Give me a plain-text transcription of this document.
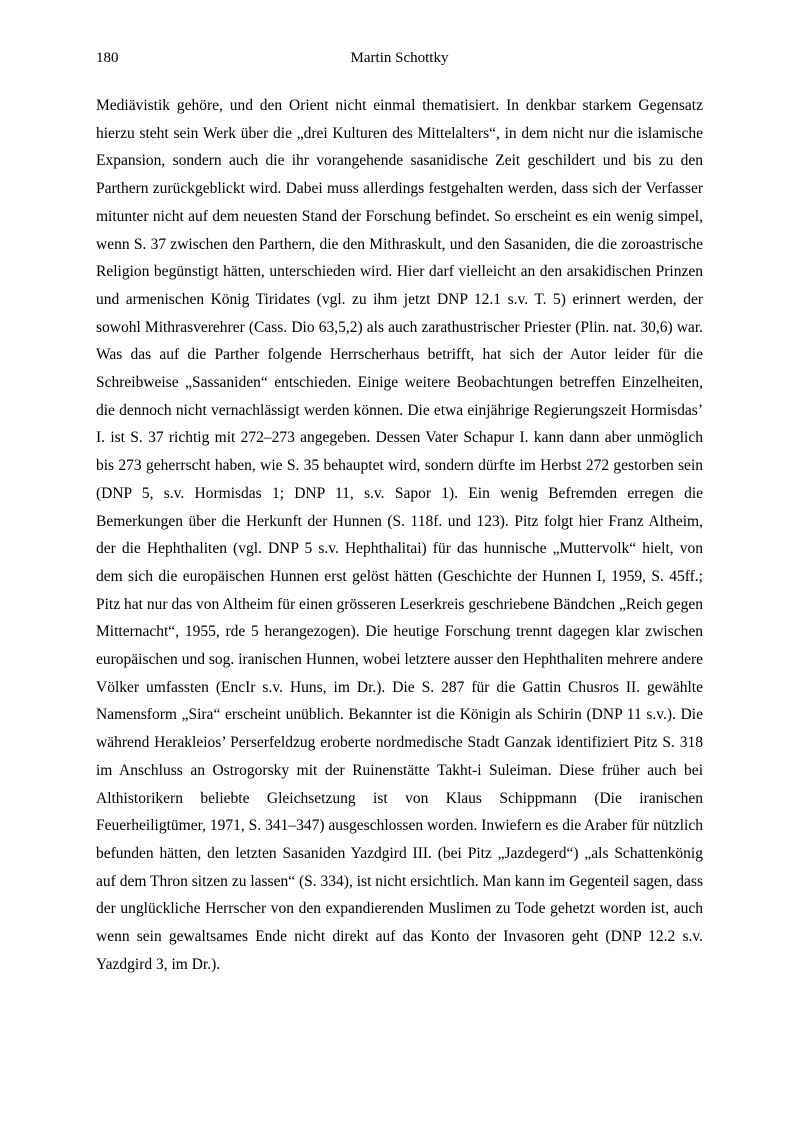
180	Martin Schottky

Mediävistik gehöre, und den Orient nicht einmal thematisiert. In denkbar starkem Gegensatz hierzu steht sein Werk über die „drei Kulturen des Mittelalters“, in dem nicht nur die islamische Expansion, sondern auch die ihr vorangehende sasanidische Zeit geschildert und bis zu den Parthern zurückgeblickt wird. Dabei muss allerdings festgehalten werden, dass sich der Verfasser mitunter nicht auf dem neuesten Stand der Forschung befindet. So erscheint es ein wenig simpel, wenn S. 37 zwischen den Parthern, die den Mithraskult, und den Sasaniden, die die zoroastrische Religion begünstigt hätten, unterschieden wird. Hier darf vielleicht an den arsakidischen Prinzen und armenischen König Tiridates (vgl. zu ihm jetzt DNP 12.1 s.v. T. 5) erinnert werden, der sowohl Mithrasverehrer (Cass. Dio 63,5,2) als auch zarathustrischer Priester (Plin. nat. 30,6) war. Was das auf die Parther folgende Herrscherhaus betrifft, hat sich der Autor leider für die Schreibweise „Sassaniden“ entschieden. Einige weitere Beobachtungen betreffen Einzelheiten, die dennoch nicht vernachlässigt werden können. Die etwa einjährige Regierungszeit Hormisdas’ I. ist S. 37 richtig mit 272–273 angegeben. Dessen Vater Schapur I. kann dann aber unmöglich bis 273 geherrscht haben, wie S. 35 behauptet wird, sondern dürfte im Herbst 272 gestorben sein (DNP 5, s.v. Hormisdas 1; DNP 11, s.v. Sapor 1). Ein wenig Befremden erregen die Bemerkungen über die Herkunft der Hunnen (S. 118f. und 123). Pitz folgt hier Franz Altheim, der die Hephthaliten (vgl. DNP 5 s.v. Hephthalitai) für das hunnische „Muttervolk“ hielt, von dem sich die europäischen Hunnen erst gelöst hätten (Geschichte der Hunnen I, 1959, S. 45ff.; Pitz hat nur das von Altheim für einen grösseren Leserkreis geschriebene Bändchen „Reich gegen Mitternacht“, 1955, rde 5 herangezogen). Die heutige Forschung trennt dagegen klar zwischen europäischen und sog. iranischen Hunnen, wobei letztere ausser den Hephthaliten mehrere andere Völker umfassten (EncIr s.v. Huns, im Dr.). Die S. 287 für die Gattin Chusros II. gewählte Namensform „Sira“ erscheint unüblich. Bekannter ist die Königin als Schirin (DNP 11 s.v.). Die während Herakleios’ Perserfeldzug eroberte nordmedische Stadt Ganzak identifiziert Pitz S. 318 im Anschluss an Ostrogorsky mit der Ruinenstätte Takht-i Suleiman. Diese früher auch bei Althistorikern beliebte Gleichsetzung ist von Klaus Schippmann (Die iranischen Feuerheiligtümer, 1971, S. 341–347) ausgeschlossen worden. Inwiefern es die Araber für nützlich befunden hätten, den letzten Sasaniden Yazdgird III. (bei Pitz „Jazdegerd“) „als Schattenkönig auf dem Thron sitzen zu lassen“ (S. 334), ist nicht ersichtlich. Man kann im Gegenteil sagen, dass der unglückliche Herrscher von den expandierenden Muslimen zu Tode gehetzt worden ist, auch wenn sein gewaltsames Ende nicht direkt auf das Konto der Invasoren geht (DNP 12.2 s.v. Yazdgird 3, im Dr.).
